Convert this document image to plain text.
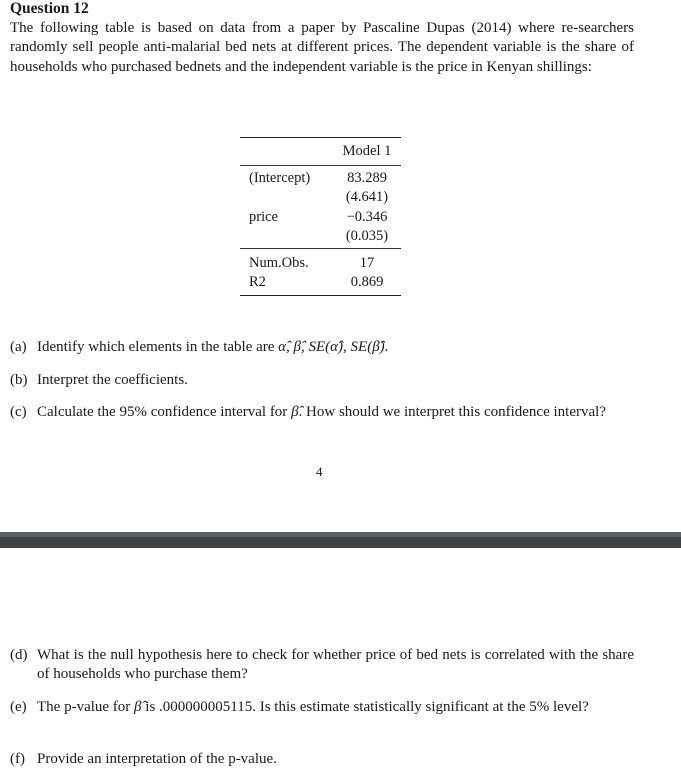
Question 12
The following table is based on data from a paper by Pascaline Dupas (2014) where re-searchers randomly sell people anti-malarial bed nets at different prices. The dependent variable is the share of households who purchased bednets and the independent variable is the price in Kenyan shillings:
Model 1
(Intercept)	83.289
(4.641)
price	−0.346
(0.035)
Num.Obs.	17
R2	0.869
(a) Identify which elements in the table are α̂, β̂, SE(α̂), SE(β̂).
(b) Interpret the coefficients.
(c) Calculate the 95% confidence interval for β̂. How should we interpret this confidence interval?
4
(d) What is the null hypothesis here to check for whether price of bed nets is correlated with the share of households who purchase them?
(e) The p-value for β̂ is .000000005115. Is this estimate statistically significant at the 5% level?
(f) Provide an interpretation of the p-value.
